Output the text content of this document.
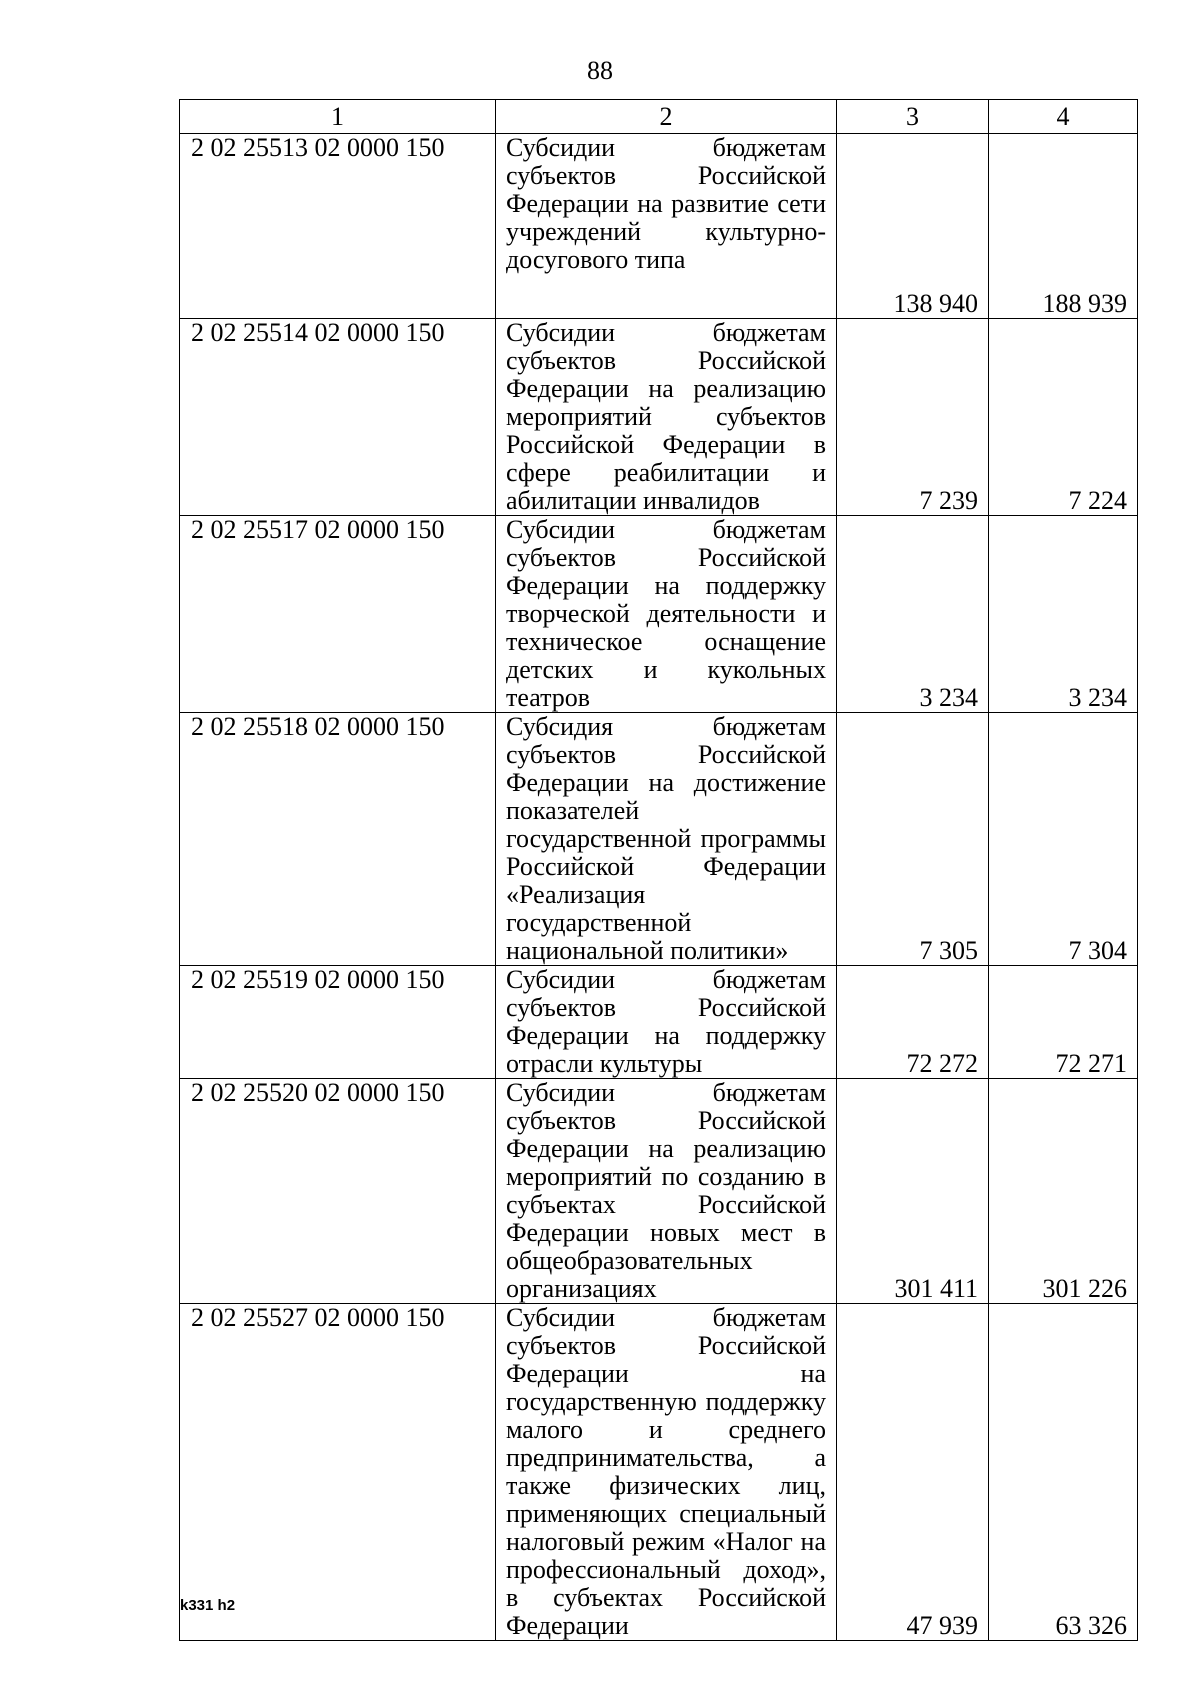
88
1	2	3	4
2 02 25513 02 0000 150	Субсидии бюджетам субъектов Российской Федерации на развитие сети учреждений культурно-досугового типа	138 940	188 939
2 02 25514 02 0000 150	Субсидии бюджетам субъектов Российской Федерации на реализацию мероприятий субъектов Российской Федерации в сфере реабилитации и абилитации инвалидов	7 239	7 224
2 02 25517 02 0000 150	Субсидии бюджетам субъектов Российской Федерации на поддержку творческой деятельности и техническое оснащение детских и кукольных театров	3 234	3 234
2 02 25518 02 0000 150	Субсидия бюджетам субъектов Российской Федерации на достижение показателей государственной программы Российской Федерации «Реализация государственной национальной политики»	7 305	7 304
2 02 25519 02 0000 150	Субсидии бюджетам субъектов Российской Федерации на поддержку отрасли культуры	72 272	72 271
2 02 25520 02 0000 150	Субсидии бюджетам субъектов Российской Федерации на реализацию мероприятий по созданию в субъектах Российской Федерации новых мест в общеобразовательных организациях	301 411	301 226
2 02 25527 02 0000 150	Субсидии бюджетам субъектов Российской Федерации на государственную поддержку малого и среднего предпринимательства, а также физических лиц, применяющих специальный налоговый режим «Налог на профессиональный доход», в субъектах Российской Федерации	47 939	63 326
k331 h2
